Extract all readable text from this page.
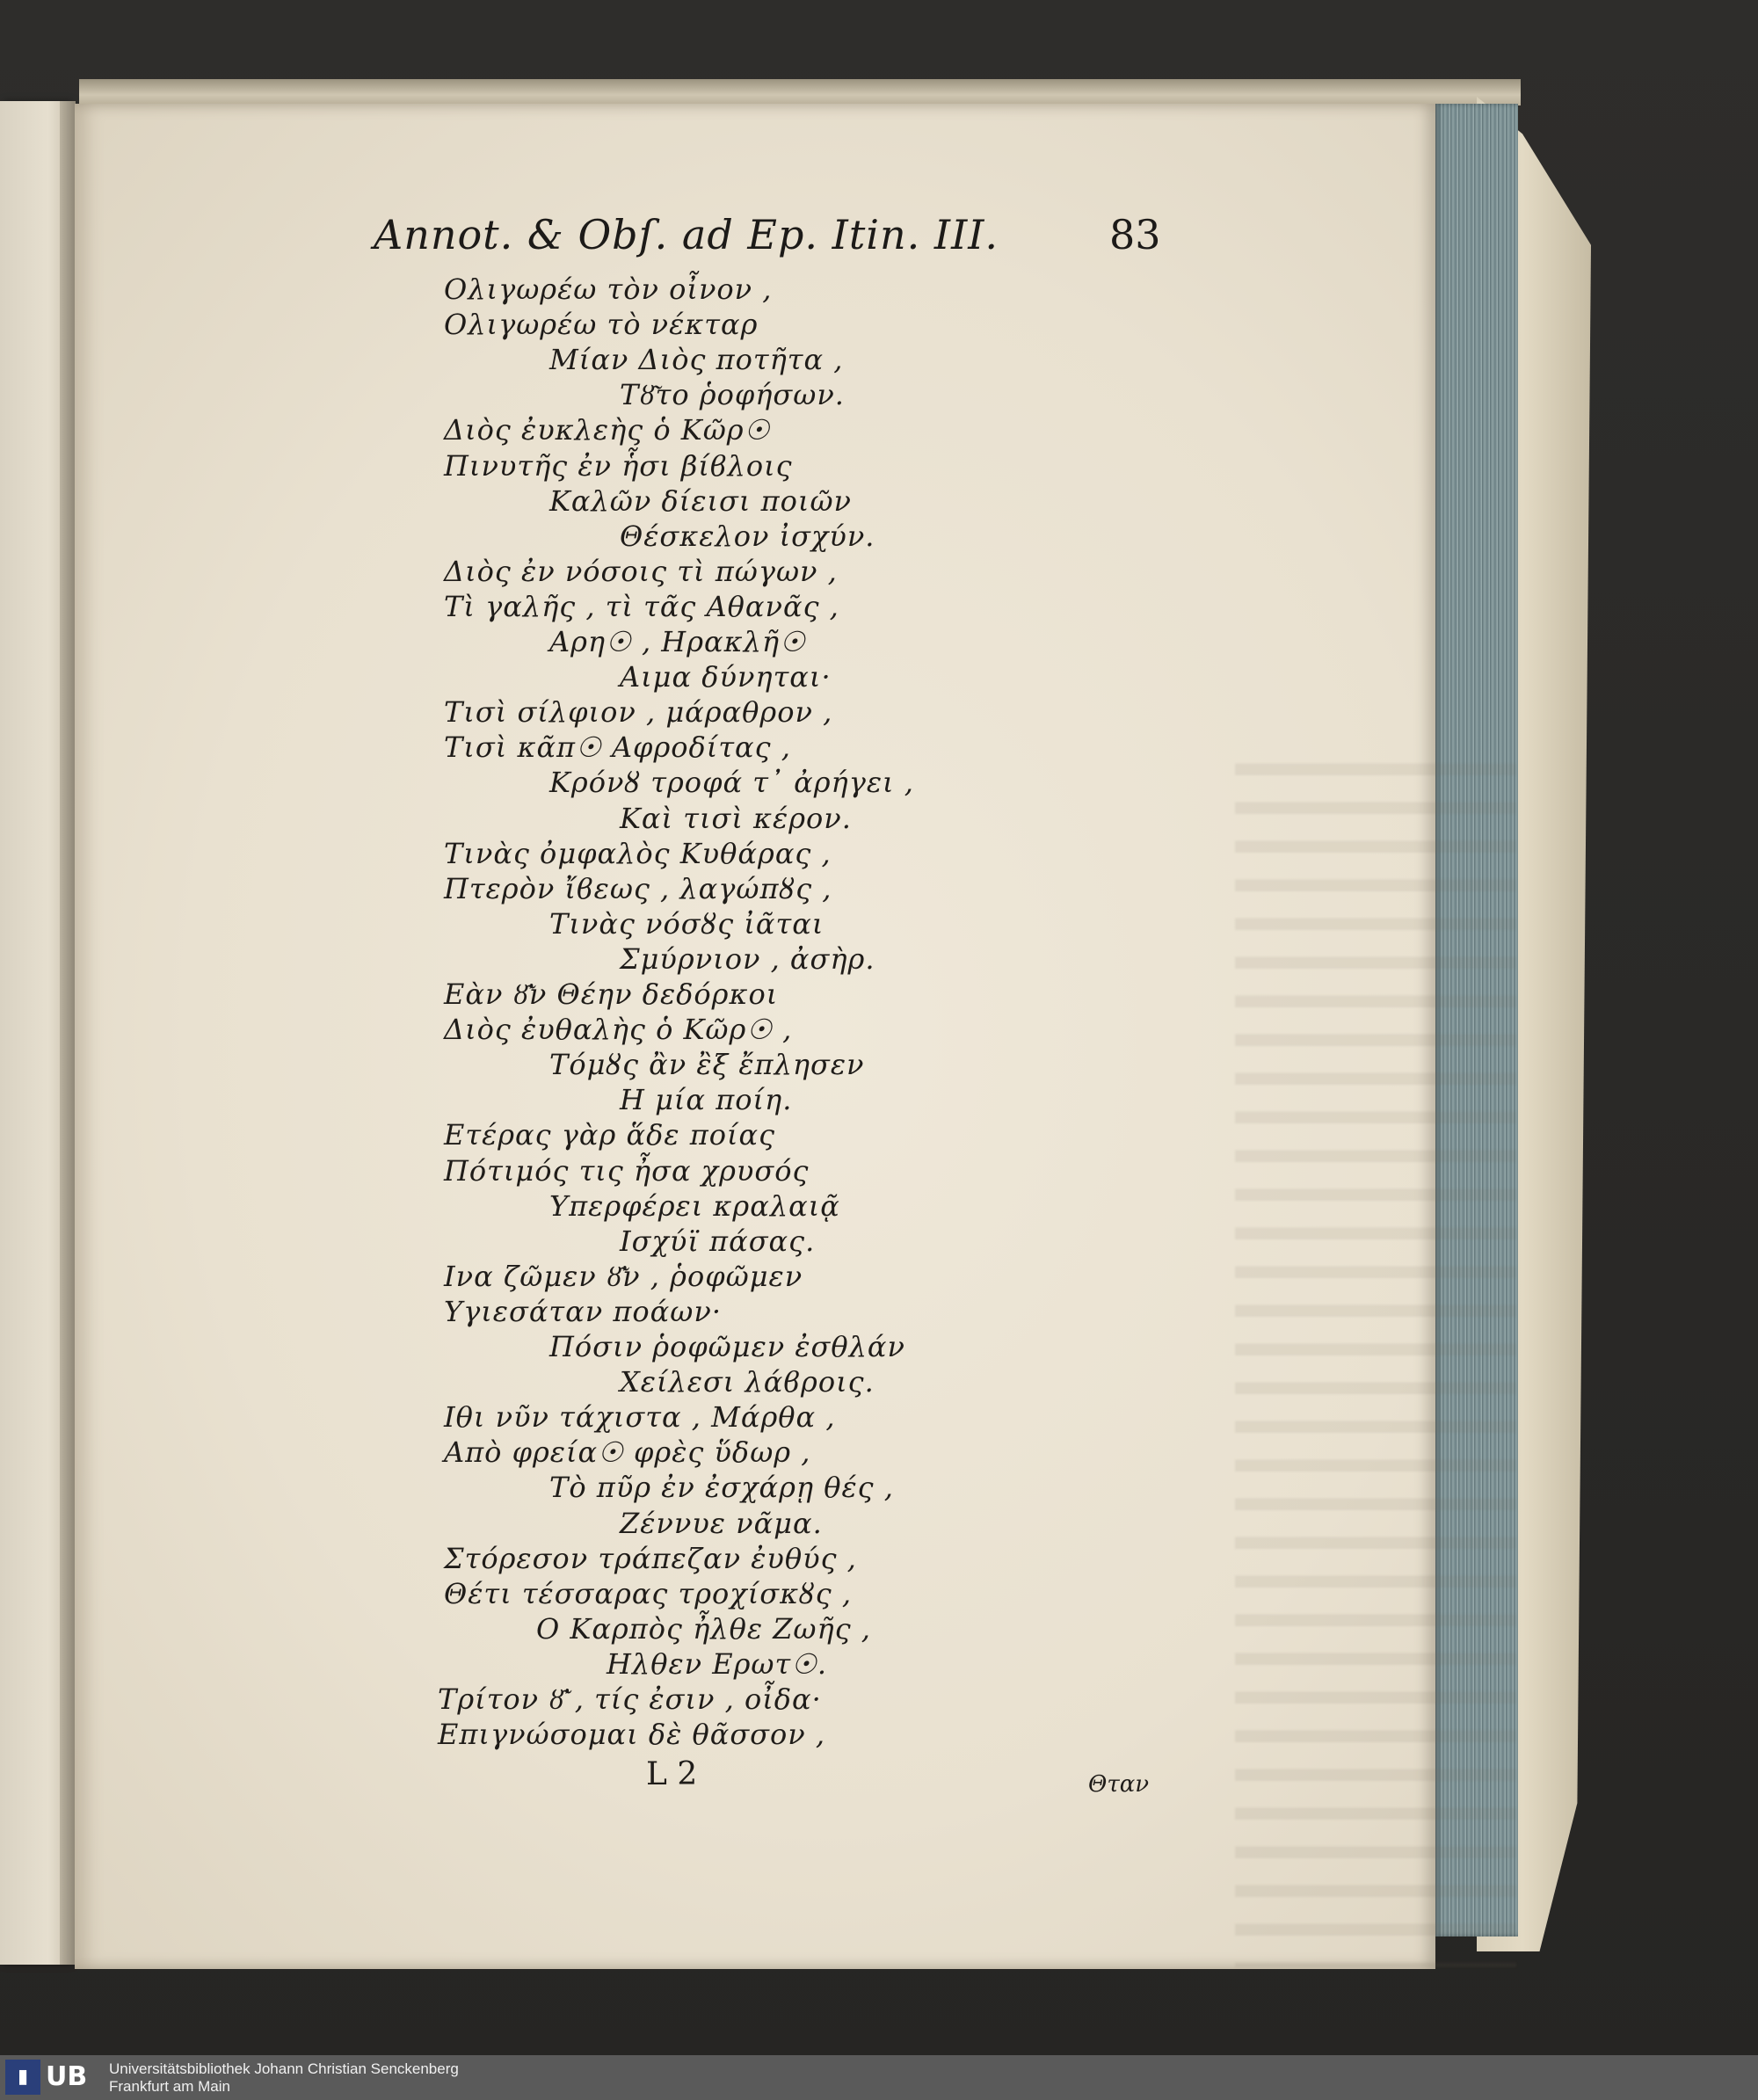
Annot. & Obſ. ad Ep. Itin. III.	83
Ολιγωρέω τὸν οἶνον ,
Ολιγωρέω τὸ νέκταρ
Μίαν Διὸς ποτῆτα ,
Τȣ͂το ῥοφήσων.
Διὸς ἐυκλεὴς ὁ Κῶρ☉
Πινυτῆς ἐν ἧσι βίϐλοις
Καλῶν δίεισι ποιῶν
Θέσκελον ἰσχύν.
Διὸς ἐν νόσοις τὶ πώγων ,
Τὶ γαλῆς , τὶ τᾶς Αθανᾶς ,
Αρη☉ , Ηρακλῆ☉
Αιμα δύνηται·
Τισὶ σίλφιον , μάραθρον ,
Τισὶ κᾶπ☉ Αφροδίτας ,
Κρόνȣ τροφά τ᾽ ἀρήγει ,
Καὶ τισὶ κέρον.
Τινὰς ὀμφαλὸς Κυθάρας ,
Πτερὸν ἴϐεως , λαγώπȣς ,
Τινὰς νόσȣς ἰᾶται
Σμύρνιον , ἀσὴρ.
Εὰν ȣ̓͂ν Θέην δεδόρκοι
Διὸς ἐυθαλὴς ὁ Κῶρ☉ ,
Τόμȣς ἂν ἒξ ἔπλησεν
Η μία ποίη.
Ετέρας γὰρ ἅδε ποίας
Πότιμός τις ἦσα χρυσός
Υπερφέρει κραλαιᾷ
Ισχύϊ πάσας.
Ινα ζῶμεν ȣ̓͂ν , ῥοφῶμεν
Υγιεσάταν ποάων·
Πόσιν ῥοφῶμεν ἐσθλάν
Χείλεσι λάϐροις.
Ιθι νῦν τάχιστα , Μάρθα ,
Απὸ φρεία☉ φρὲς ὕδωρ ,
Τὸ πῦρ ἐν ἐσχάρῃ θές ,
Ζέννυε νᾶμα.
Στόρεσον τράπεζαν ἐυθύς ,
Θέτι τέσσαρας τροχίσκȣς ,
Ο Καρπὸς ἦλθε Ζωῆς ,
Ηλθεν Ερωτ☉.
Τρίτον ȣ̓͂ , τίς ἐσιν , οἶδα·
Επιγνώσομαι δὲ θᾶσσον ,
L 2	Θταν
▮ UB Universitätsbibliothek Johann Christian Senckenberg
Frankfurt am Main
